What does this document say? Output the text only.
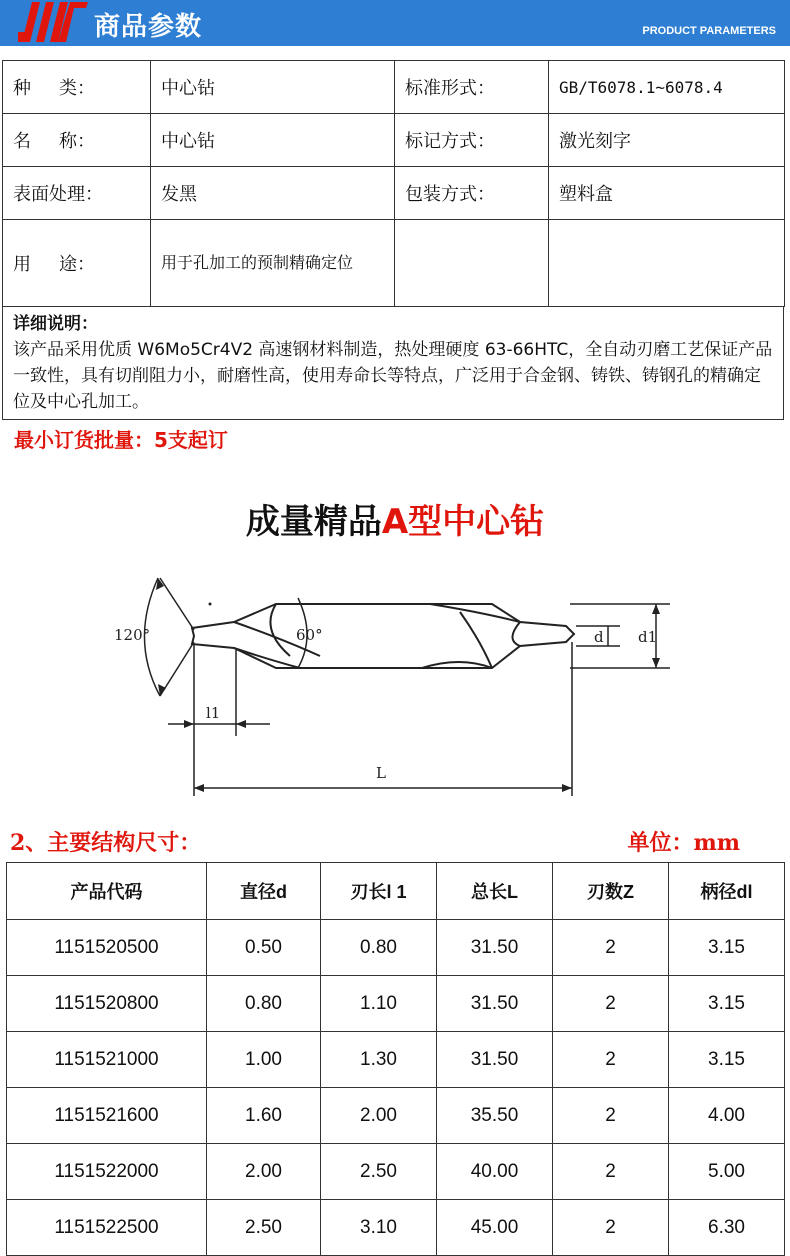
商品参数	PRODUCT PARAMETERS
种 类：	中心钻	标准形式：	GB/T6078.1~6078.4

名 称：	中心钻	标记方式：	激光刻字
表面处理：	发黑	包装方式：	塑料盒

用 途：	用于孔加工的预制精确定位		
详细说明：
该产品采用优质 W6Mo5Cr4V2 高速钢材料制造，热处理硬度 63-66HTC，全自动刃磨工艺保证产品一致性，具有切削阻力小，耐磨性高，使用寿命长等特点，广泛用于合金钢、铸铁、铸钢孔的精确定位及中心孔加工。
最小订货批量：5支起订
成量精品A型中心钻
120°	60°
l1
L
d d1
2、主要结构尺寸：	单位：mm
产品代码	直径d	刃长l 1	总长L	刃数Z	柄径dl
1151520500	0.50	0.80	31.50	2	3.15
1151520800	0.80	1.10	31.50	2	3.15
1151521000	1.00	1.30	31.50	2	3.15
1151521600	1.60	2.00	35.50	2	4.00
1151522000	2.00	2.50	40.00	2	5.00
1151522500	2.50	3.10	45.00	2	6.30
